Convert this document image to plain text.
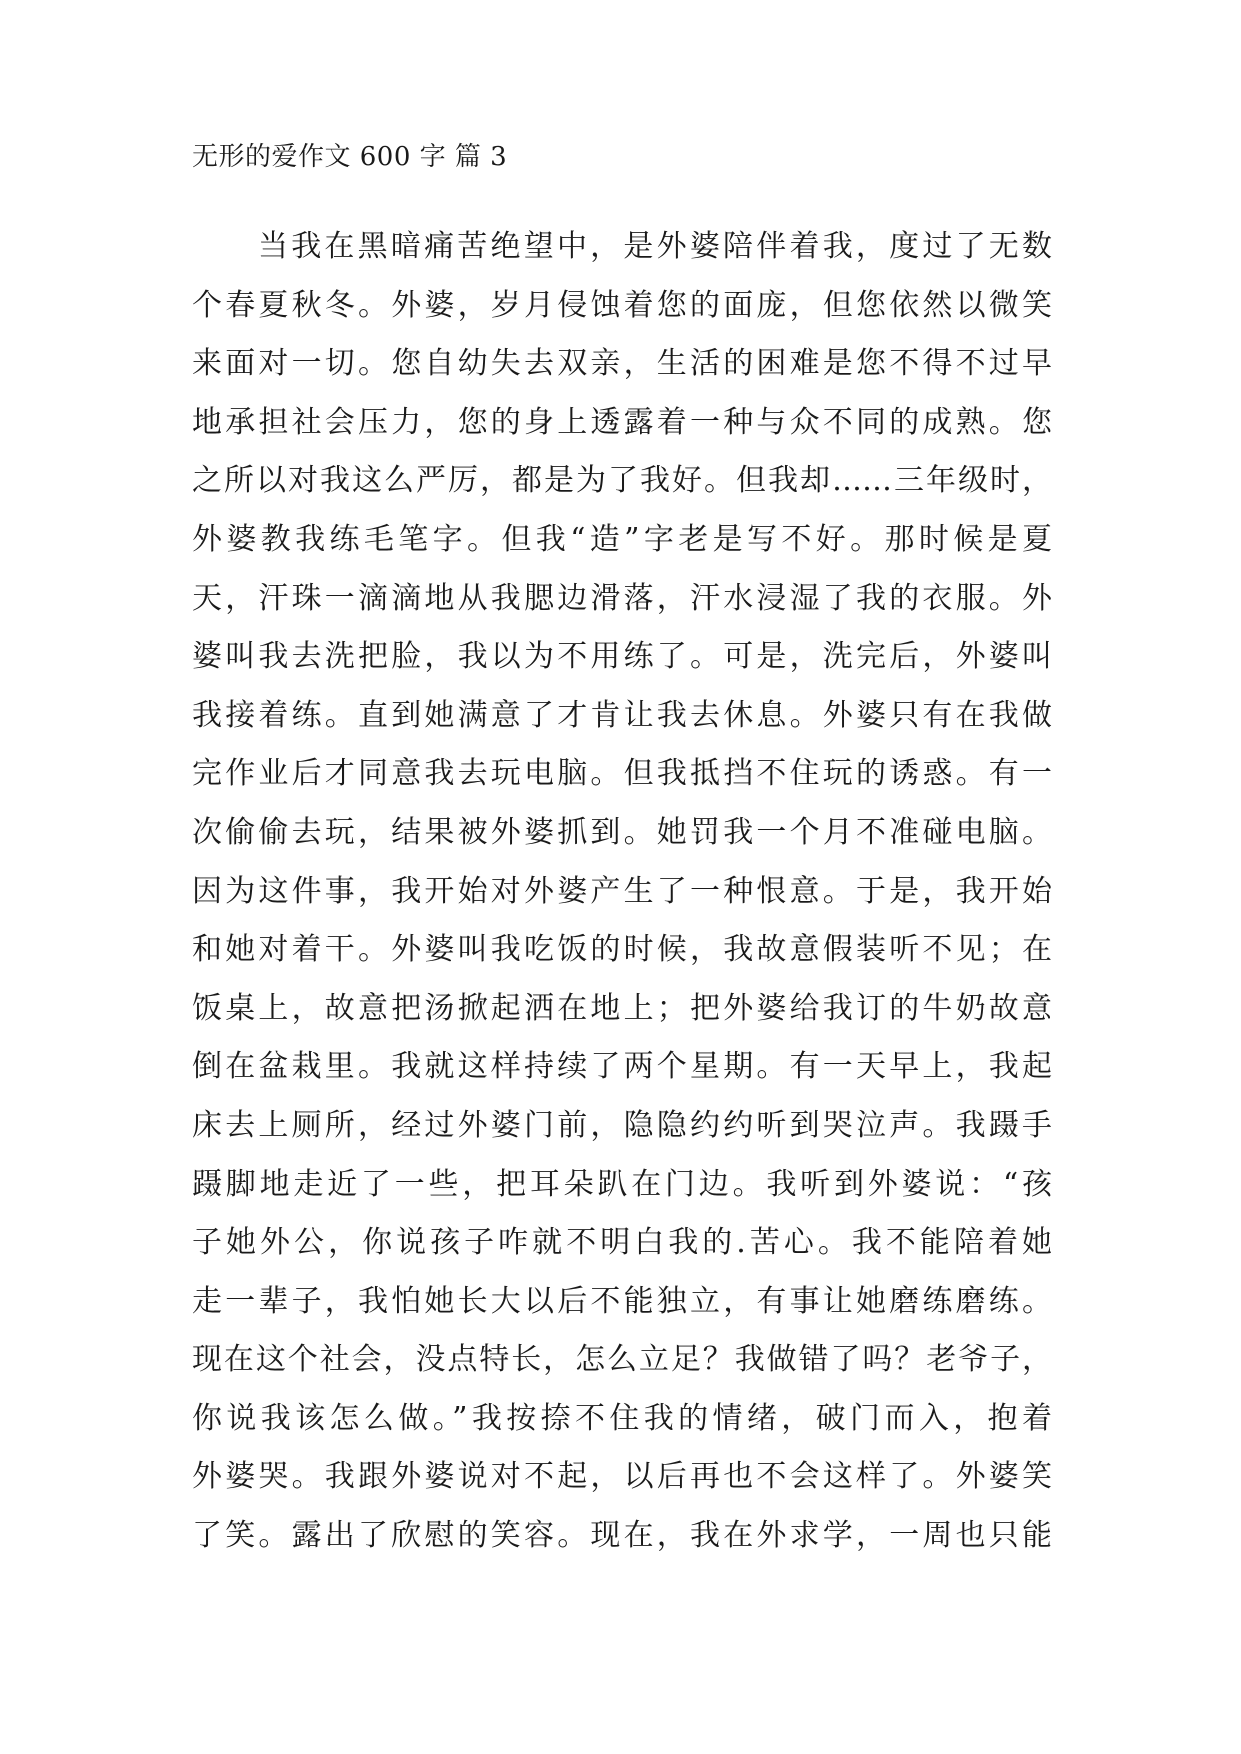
无形的爱作文 600 字 篇 3
当我在黑暗痛苦绝望中，是外婆陪伴着我，度过了无数
个春夏秋冬。外婆，岁月侵蚀着您的面庞，但您依然以微笑
来面对一切。您自幼失去双亲，生活的困难是您不得不过早
地承担社会压力，您的身上透露着一种与众不同的成熟。您
之所以对我这么严厉，都是为了我好。但我却……三年级时，
外婆教我练毛笔字。但我“造”字老是写不好。那时候是夏
天，汗珠一滴滴地从我腮边滑落，汗水浸湿了我的衣服。外
婆叫我去洗把脸，我以为不用练了。可是，洗完后，外婆叫
我接着练。直到她满意了才肯让我去休息。外婆只有在我做
完作业后才同意我去玩电脑。但我抵挡不住玩的诱惑。有一
次偷偷去玩，结果被外婆抓到。她罚我一个月不准碰电脑。
因为这件事，我开始对外婆产生了一种恨意。于是，我开始
和她对着干。外婆叫我吃饭的时候，我故意假装听不见；在
饭桌上，故意把汤掀起洒在地上；把外婆给我订的牛奶故意
倒在盆栽里。我就这样持续了两个星期。有一天早上，我起
床去上厕所，经过外婆门前，隐隐约约听到哭泣声。我蹑手
蹑脚地走近了一些，把耳朵趴在门边。我听到外婆说：“孩
子她外公，你说孩子咋就不明白我的.苦心。我不能陪着她
走一辈子，我怕她长大以后不能独立，有事让她磨练磨练。
现在这个社会，没点特长，怎么立足？我做错了吗？老爷子，
你说我该怎么做。”我按捺不住我的情绪，破门而入，抱着
外婆哭。我跟外婆说对不起，以后再也不会这样了。外婆笑
了笑。露出了欣慰的笑容。现在，我在外求学，一周也只能
